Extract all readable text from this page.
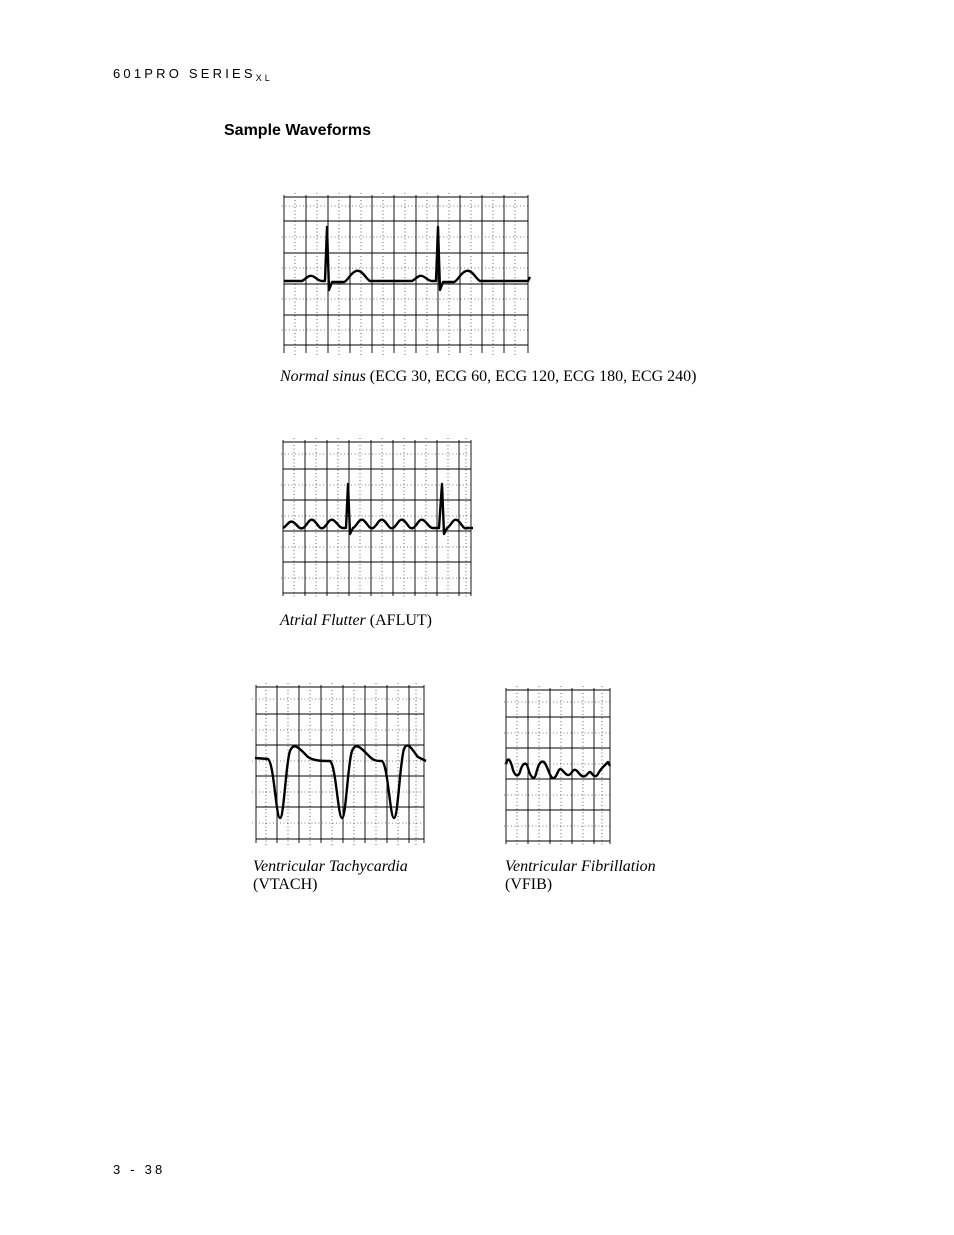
601PRO $SERIES_{XL}$
Sample Waveforms
Normal sinus (ECG 30, ECG 60, ECG 120, ECG 180, ECG 240)
Atrial Flutter (AFLUT)
Ventricular Tachycardia
(VTACH)
Ventricular Fibrillation
(VFIB)
3 - 38
